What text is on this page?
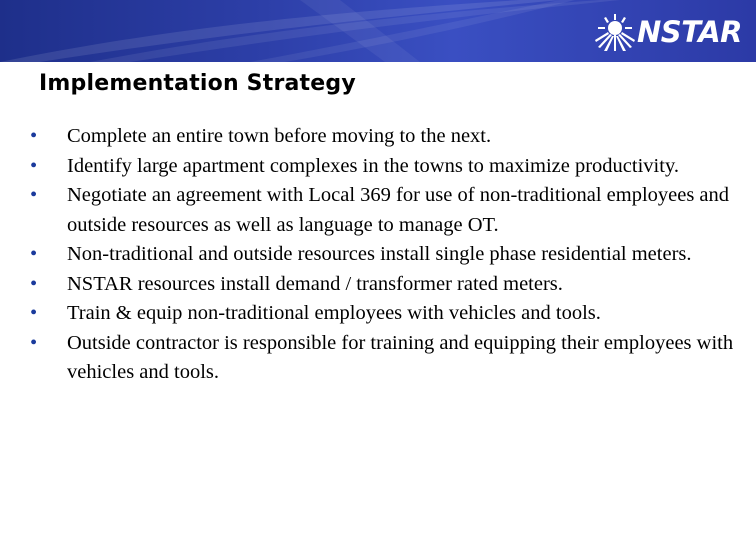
NSTAR
Implementation Strategy
• Complete an entire town before moving to the next.
• Identify large apartment complexes in the towns to maximize productivity.
• Negotiate an agreement with Local 369 for use of non-traditional employees and outside resources as well as language to manage OT.
• Non-traditional and outside resources install single phase residential meters.
• NSTAR resources install demand / transformer rated meters.
• Train & equip non-traditional employees with vehicles and tools.
• Outside contractor is responsible for training and equipping their employees with vehicles and tools.
